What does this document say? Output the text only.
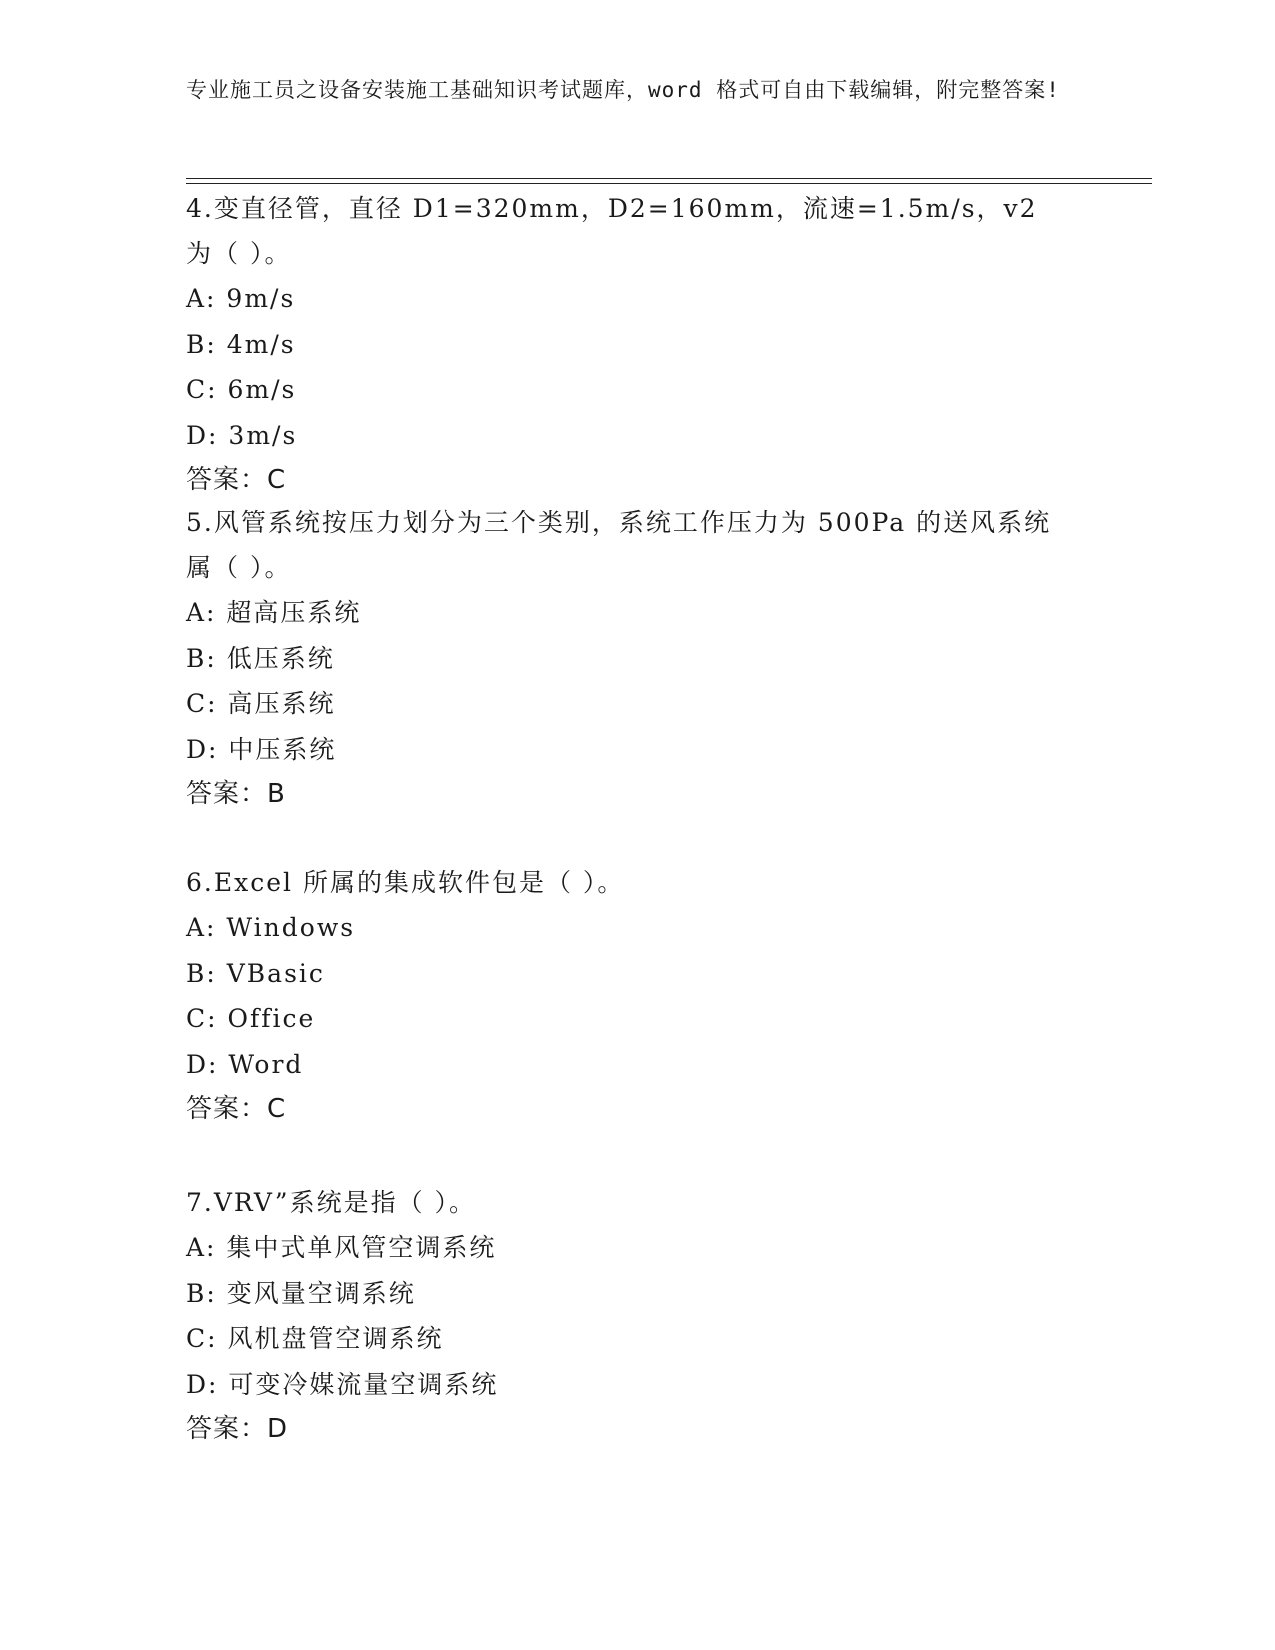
专业施工员之设备安装施工基础知识考试题库，word 格式可自由下载编辑，附完整答案!

4.变直径管，直径 D1=320mm，D2=160mm，流速=1.5m/s，v2 为（ ）。

A: 9m/s
B: 4m/s
C: 6m/s
D: 3m/s
答案：C

5.风管系统按压力划分为三个类别，系统工作压力为 500Pa 的送风系统属（ ）。

A: 超高压系统
B: 低压系统
C: 高压系统
D: 中压系统
答案：B

6.Excel 所属的集成软件包是（ ）。

A: Windows
B: VBasic
C: Office
D: Word
答案：C

7.VRV”系统是指（ ）。

A: 集中式单风管空调系统
B: 变风量空调系统
C: 风机盘管空调系统
D: 可变冷媒流量空调系统
答案：D
